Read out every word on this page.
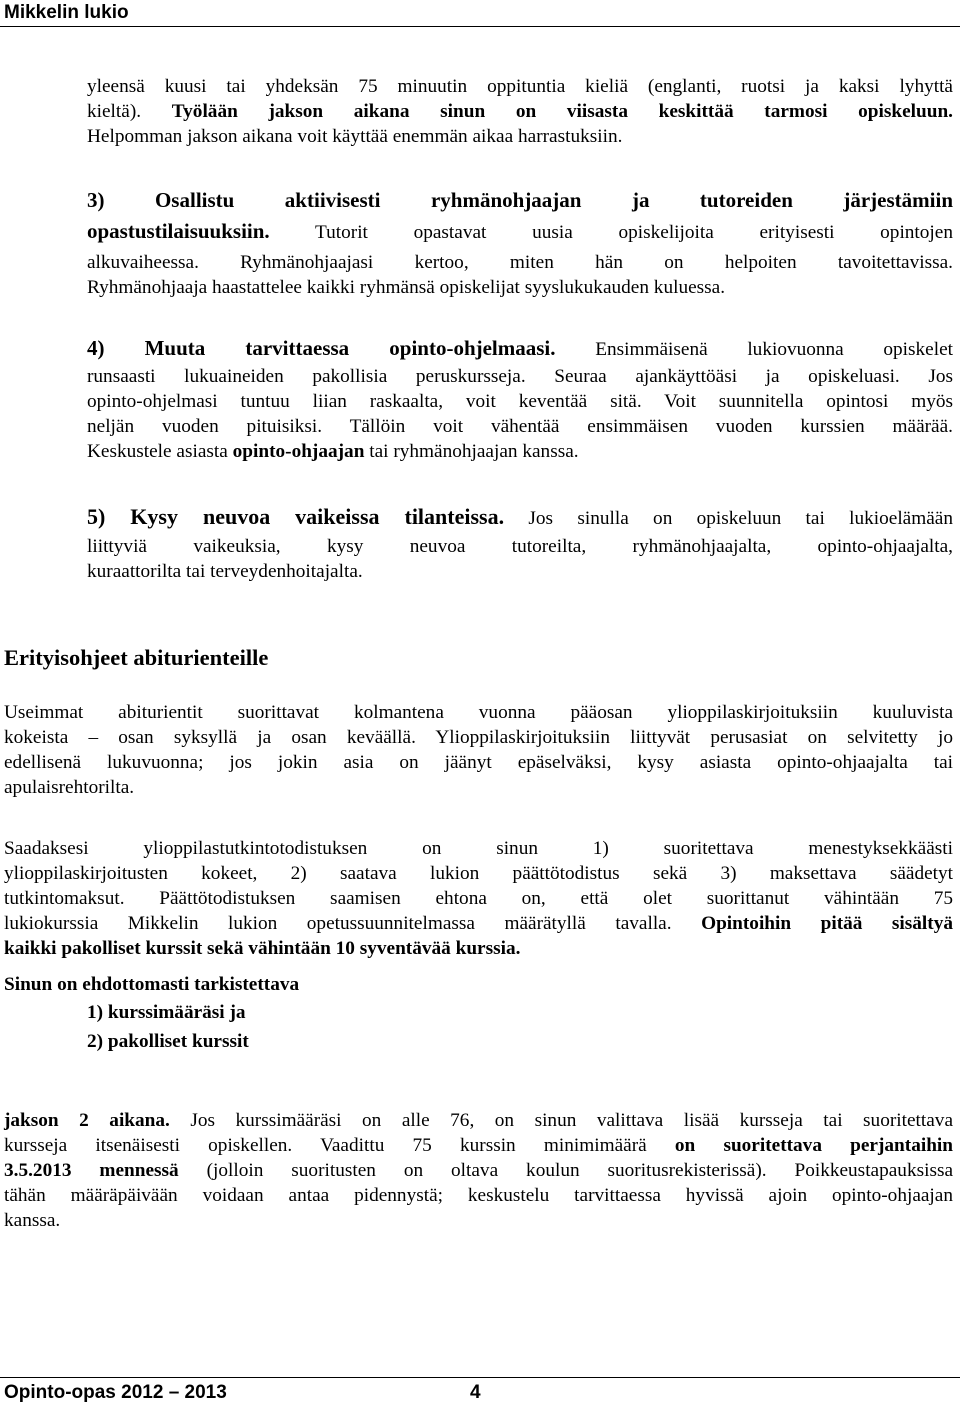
Mikkelin lukio

yleensä kuusi tai yhdeksän 75 minuutin oppituntia kieliä (englanti, ruotsi ja kaksi lyhyttä

kieltä). Työlään jakson aikana sinun on viisasta keskittää tarmosi opiskeluun.

Helpomman jakson aikana voit käyttää enemmän aikaa harrastuksiin.

3) Osallistu aktiivisesti ryhmänohjaajan ja tutoreiden järjestämiin

opastustilaisuuksiin. Tutorit opastavat uusia opiskelijoita erityisesti opintojen

alkuvaiheessa. Ryhmänohjaajasi kertoo, miten hän on helpoiten tavoitettavissa.

Ryhmänohjaaja haastattelee kaikki ryhmänsä opiskelijat syyslukukauden kuluessa.

4) Muuta tarvittaessa opinto-ohjelmaasi. Ensimmäisenä lukiovuonna opiskelet

runsaasti lukuaineiden pakollisia peruskursseja. Seuraa ajankäyttöäsi ja opiskeluasi. Jos

opinto-ohjelmasi tuntuu liian raskaalta, voit keventää sitä. Voit suunnitella opintosi myös

neljän vuoden pituisiksi. Tällöin voit vähentää ensimmäisen vuoden kurssien määrää.

Keskustele asiasta opinto-ohjaajan tai ryhmänohjaajan kanssa.

5) Kysy neuvoa vaikeissa tilanteissa. Jos sinulla on opiskeluun tai lukioelämään

liittyviä vaikeuksia, kysy neuvoa tutoreilta, ryhmänohjaajalta, opinto-ohjaajalta,

kuraattorilta tai terveydenhoitajalta.

Erityisohjeet abiturienteille

Useimmat abiturientit suorittavat kolmantena vuonna pääosan ylioppilaskirjoituksiin kuuluvista

kokeista – osan syksyllä ja osan keväällä. Ylioppilaskirjoituksiin liittyvät perusasiat on selvitetty jo

edellisenä lukuvuonna; jos jokin asia on jäänyt epäselväksi, kysy asiasta opinto-ohjaajalta tai

apulaisrehtorilta.

Saadaksesi ylioppilastutkintotodistuksen on sinun 1) suoritettava menestyksekkäästi

ylioppilaskirjoitusten kokeet, 2) saatava lukion päättötodistus sekä 3) maksettava säädetyt

tutkintomaksut. Päättötodistuksen saamisen ehtona on, että olet suorittanut vähintään 75

lukiokurssia Mikkelin lukion opetussuunnitelmassa määrätyllä tavalla. Opintoihin pitää sisältyä

kaikki pakolliset kurssit sekä vähintään 10 syventävää kurssia.

Sinun on ehdottomasti tarkistettava

1) kurssimääräsi ja
2) pakolliset kurssit

jakson 2 aikana. Jos kurssimääräsi on alle 76, on sinun valittava lisää kursseja tai suoritettava

kursseja itsenäisesti opiskellen. Vaadittu 75 kurssin minimimäärä on suoritettava perjantaihin

3.5.2013 mennessä (jolloin suoritusten on oltava koulun suoritusrekisterissä). Poikkeustapauksissa

tähän määräpäivään voidaan antaa pidennystä; keskustelu tarvittaessa hyvissä ajoin opinto-ohjaajan

kanssa.

Opinto-opas 2012 – 2013	4
